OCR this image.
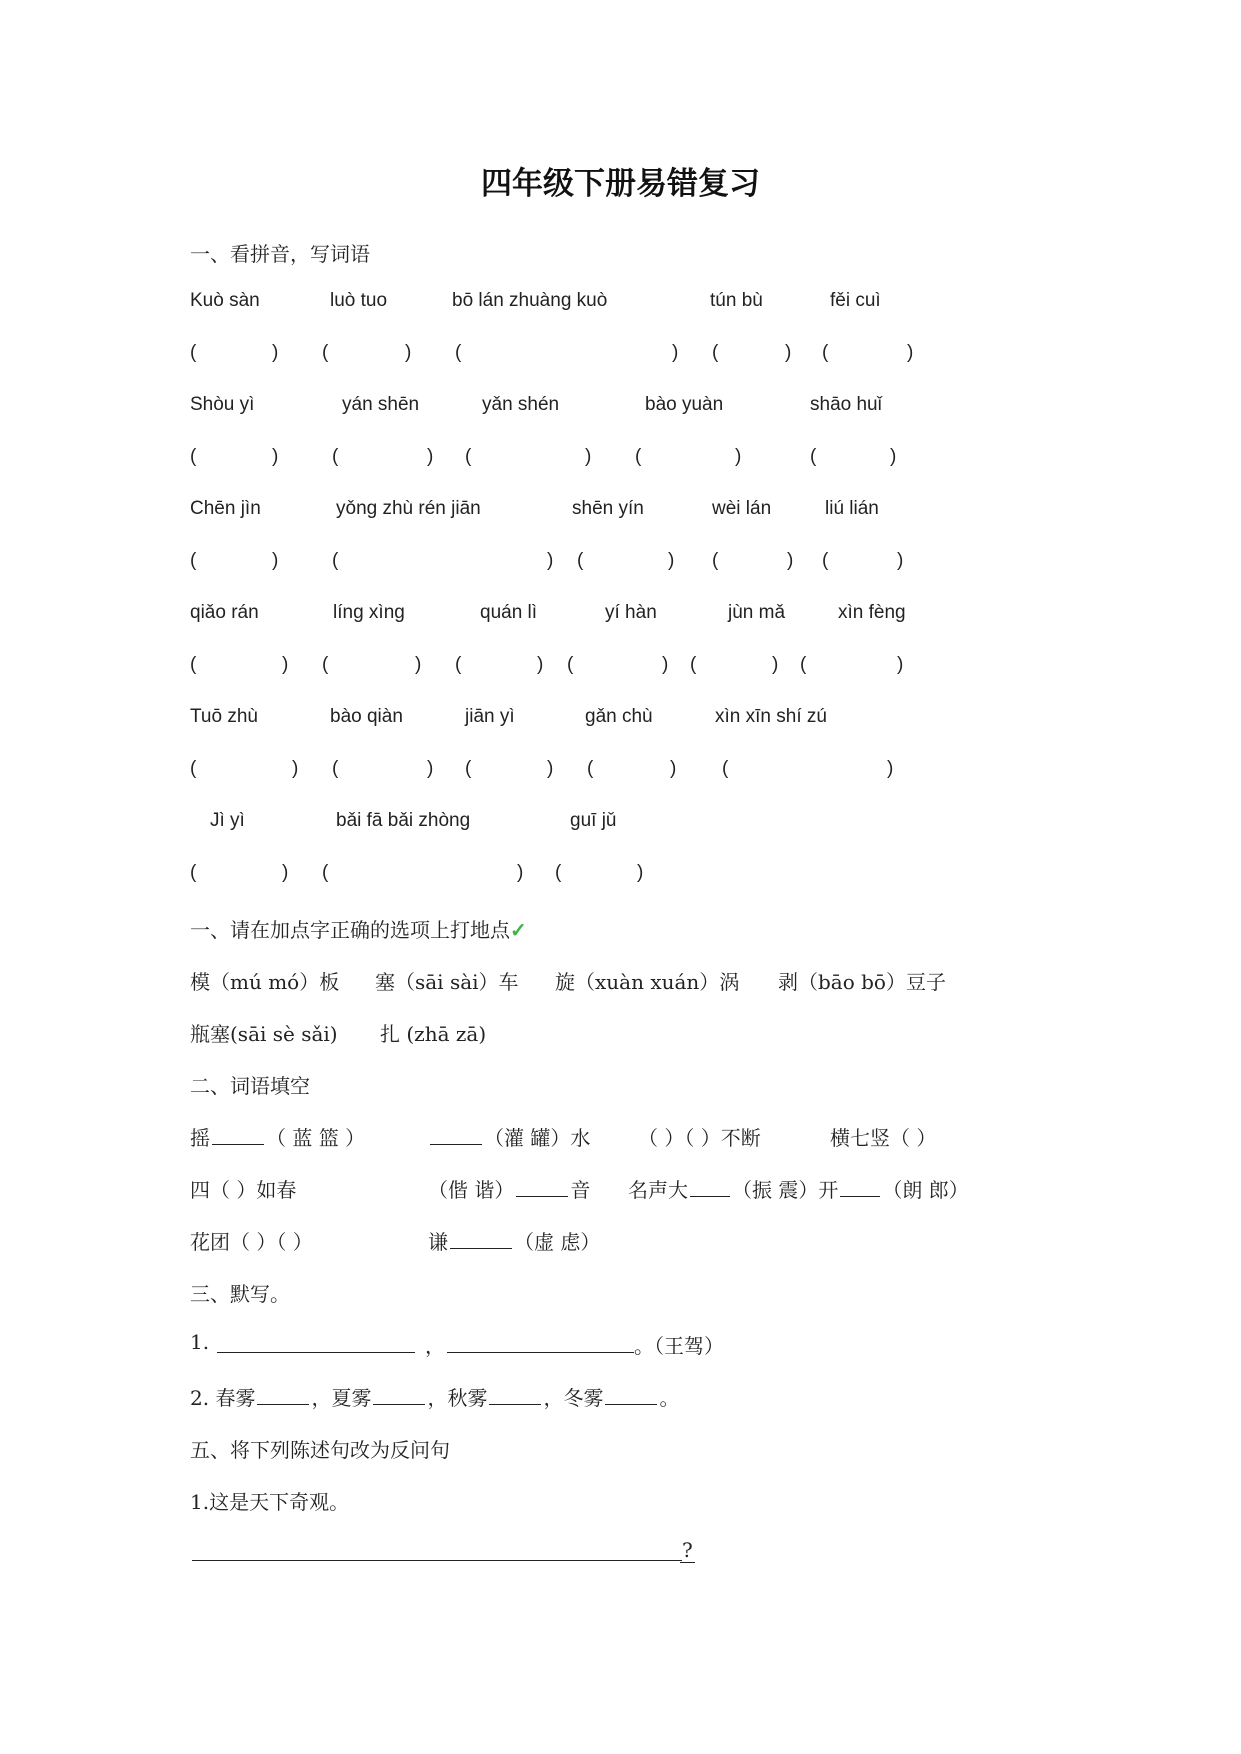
四年级下册易错复习
一、看拼音，写词语
Kuò sàn	luò tuo	bō lán zhuàng kuò	tún bù	fěi cuì
(	) (	) (	) (	) (	)
Shòu yì	yán shēn	yǎn shén	bào yuàn	shāo huǐ
(	)	(	) (	) (	)	(	)
Chēn jìn	yǒng zhù rén jiān	shēn yín	wèi lán	liú lián
(	)	(	) (	) (	) (	)
qiǎo rán	líng xìng	quán lì	yí hàn	jùn mǎ	xìn fèng
(	) (	) (	) (	) (	) (	)
Tuō zhù	bào qiàn	jiān yì	gǎn chù	xìn xīn shí zú
(	) (	) (	) (	) (	)
Jì yì	bǎi fā bǎi zhòng	guī jǔ
(	) (	) (	)
一、请在加点字正确的选项上打地点✓
模（mú mó）板 塞（sāi sài）车 旋（xuàn xuán）涡 剥（bāo bō）豆子
瓶塞(sāi sè sǎi) 扎 (zhā zā)
二、词语填空
摇	（ 蓝 篮 ）	（灌 罐）水 （ ）（ ）不断	横七竖（ ）
四（ ）如春	（偕 谐）	音 名声大 （振 震）开 （朗 郎）
花团（ ）（ ）	谦	（虚 虑）
三、默写。
1.	，	。（王驾）
2. 春雾	，夏雾	，秋雾	，冬雾	。
五、将下列陈述句改为反问句
1.这是天下奇观。
?
